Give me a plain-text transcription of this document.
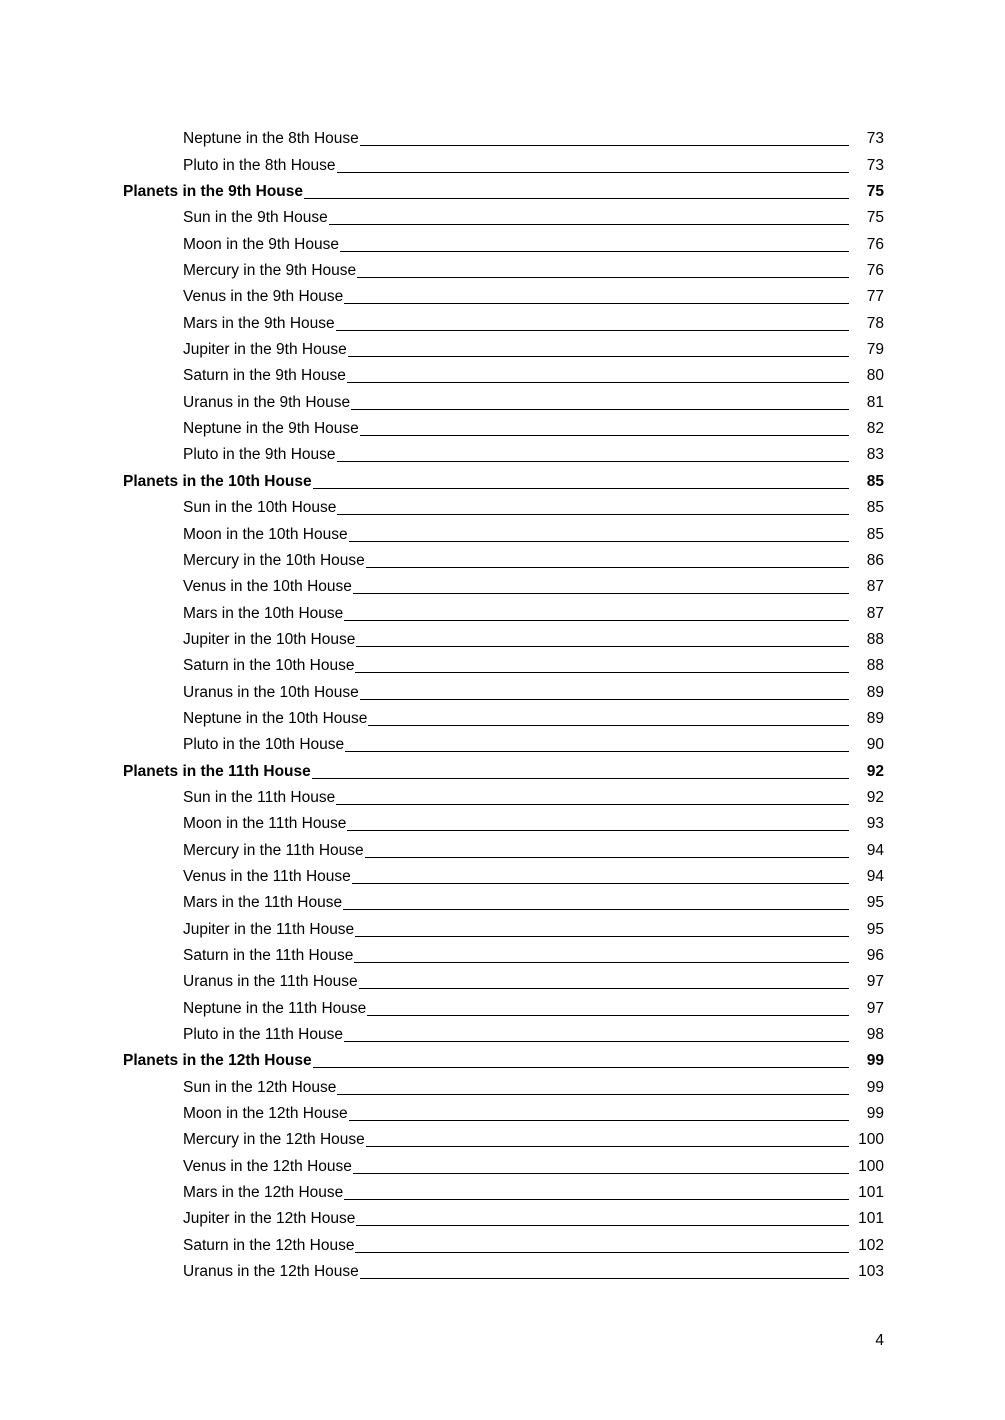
Neptune in the 8th House	73
Pluto in the 8th House	73
Planets in the 9th House	75
Sun in the 9th House	75
Moon in the 9th House	76
Mercury in the 9th House	76
Venus in the 9th House	77
Mars in the 9th House	78
Jupiter in the 9th House	79
Saturn in the 9th House	80
Uranus in the 9th House	81
Neptune in the 9th House	82
Pluto in the 9th House	83
Planets in the 10th House	85
Sun in the 10th House	85
Moon in the 10th House	85
Mercury in the 10th House	86
Venus in the 10th House	87
Mars in the 10th House	87
Jupiter in the 10th House	88
Saturn in the 10th House	88
Uranus in the 10th House	89
Neptune in the 10th House	89
Pluto in the 10th House	90
Planets in the 11th House	92
Sun in the 11th House	92
Moon in the 11th House	93
Mercury in the 11th House	94
Venus in the 11th House	94
Mars in the 11th House	95
Jupiter in the 11th House	95
Saturn in the 11th House	96
Uranus in the 11th House	97
Neptune in the 11th House	97
Pluto in the 11th House	98
Planets in the 12th House	99
Sun in the 12th House	99
Moon in the 12th House	99
Mercury in the 12th House	100
Venus in the 12th House	100
Mars in the 12th House	101
Jupiter in the 12th House	101
Saturn in the 12th House	102
Uranus in the 12th House	103
4
